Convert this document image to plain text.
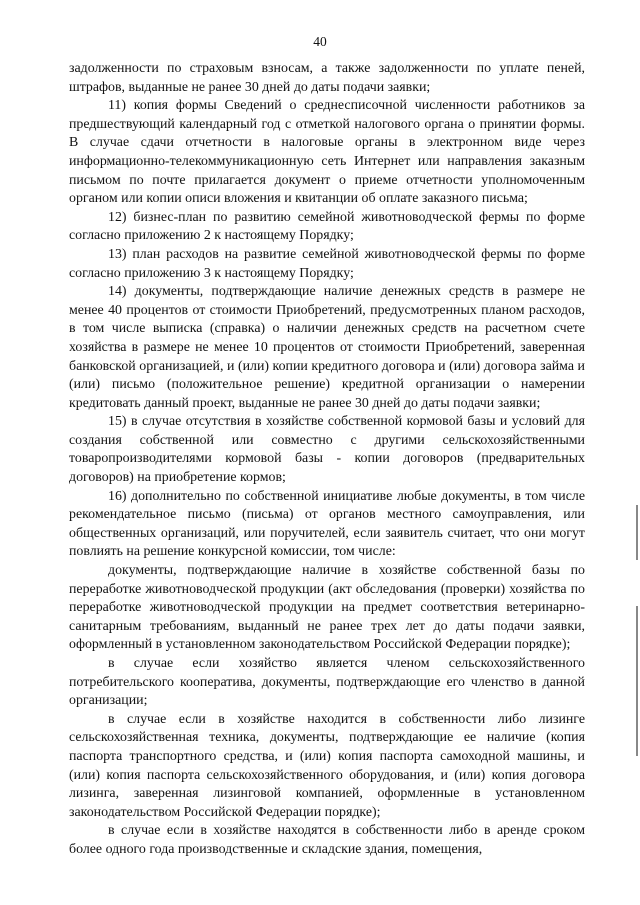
40

задолженности по страховым взносам, а также задолженности по уплате пеней, штрафов, выданные не ранее 30 дней до даты подачи заявки;

11) копия формы Сведений о среднесписочной численности работников за предшествующий календарный год с отметкой налогового органа о принятии формы. В случае сдачи отчетности в налоговые органы в электронном виде через информационно-телекоммуникационную сеть Интернет или направления заказным письмом по почте прилагается документ о приеме отчетности уполномоченным органом или копии описи вложения и квитанции об оплате заказного письма;

12) бизнес-план по развитию семейной животноводческой фермы по форме согласно приложению 2 к настоящему Порядку;

13) план расходов на развитие семейной животноводческой фермы по форме согласно приложению 3 к настоящему Порядку;

14) документы, подтверждающие наличие денежных средств в размере не менее 40 процентов от стоимости Приобретений, предусмотренных планом расходов, в том числе выписка (справка) о наличии денежных средств на расчетном счете хозяйства в размере не менее 10 процентов от стоимости Приобретений, заверенная банковской организацией, и (или) копии кредитного договора и (или) договора займа и (или) письмо (положительное решение) кредитной организации о намерении кредитовать данный проект, выданные не ранее 30 дней до даты подачи заявки;

15) в случае отсутствия в хозяйстве собственной кормовой базы и условий для создания собственной или совместно с другими сельскохозяйственными товаропроизводителями кормовой базы - копии договоров (предварительных договоров) на приобретение кормов;

16) дополнительно по собственной инициативе любые документы, в том числе рекомендательное письмо (письма) от органов местного самоуправления, или общественных организаций, или поручителей, если заявитель считает, что они могут повлиять на решение конкурсной комиссии, том числе:

документы, подтверждающие наличие в хозяйстве собственной базы по переработке животноводческой продукции (акт обследования (проверки) хозяйства по переработке животноводческой продукции на предмет соответствия ветеринарно-санитарным требованиям, выданный не ранее трех лет до даты подачи заявки, оформленный в установленном законодательством Российской Федерации порядке);

в случае если хозяйство является членом сельскохозяйственного потребительского кооператива, документы, подтверждающие его членство в данной организации;

в случае если в хозяйстве находится в собственности либо лизинге сельскохозяйственная техника, документы, подтверждающие ее наличие (копия паспорта транспортного средства, и (или) копия паспорта самоходной машины, и (или) копия паспорта сельскохозяйственного оборудования, и (или) копия договора лизинга, заверенная лизинговой компанией, оформленные в установленном законодательством Российской Федерации порядке);

в случае если в хозяйстве находятся в собственности либо в аренде сроком более одного года производственные и складские здания, помещения,
